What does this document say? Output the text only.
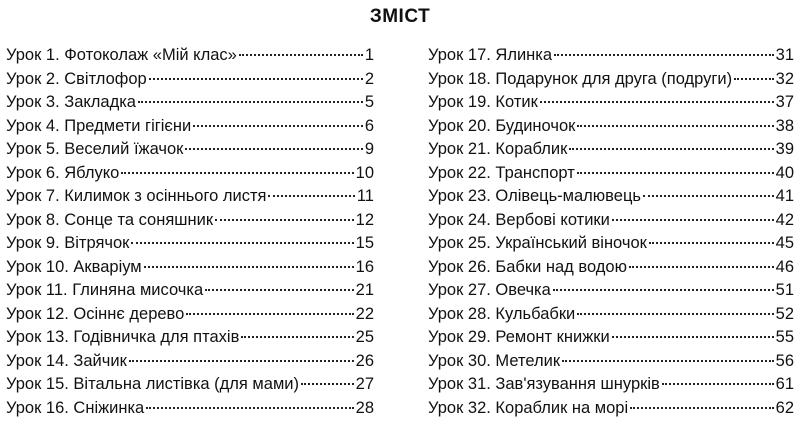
ЗМІСТ
Урок 1. Фотоколаж «Мій клас»	1
Урок 2. Світлофор	2
Урок 3. Закладка	5
Урок 4. Предмети гігієни	6
Урок 5. Веселий їжачок	9
Урок 6. Яблуко	10
Урок 7. Килимок з осіннього листя	11
Урок 8. Сонце та соняшник	12
Урок 9. Вітрячок	15
Урок 10. Акваріум	16
Урок 11. Глиняна мисочка	21
Урок 12. Осіннє дерево	22
Урок 13. Годівничка для птахів	25
Урок 14. Зайчик	26
Урок 15. Вітальна листівка (для мами)	27
Урок 16. Сніжинка	28
Урок 17. Ялинка	31
Урок 18. Подарунок для друга (подруги)	32
Урок 19. Котик	37
Урок 20. Будиночок	38
Урок 21. Кораблик	39
Урок 22. Транспорт	40
Урок 23. Олівець-малювець	41
Урок 24. Вербові котики	42
Урок 25. Український віночок	45
Урок 26. Бабки над водою	46
Урок 27. Овечка	51
Урок 28. Кульбабки	52
Урок 29. Ремонт книжки	55
Урок 30. Метелик	56
Урок 31. Зав'язування шнурків	61
Урок 32. Кораблик на морі	62
